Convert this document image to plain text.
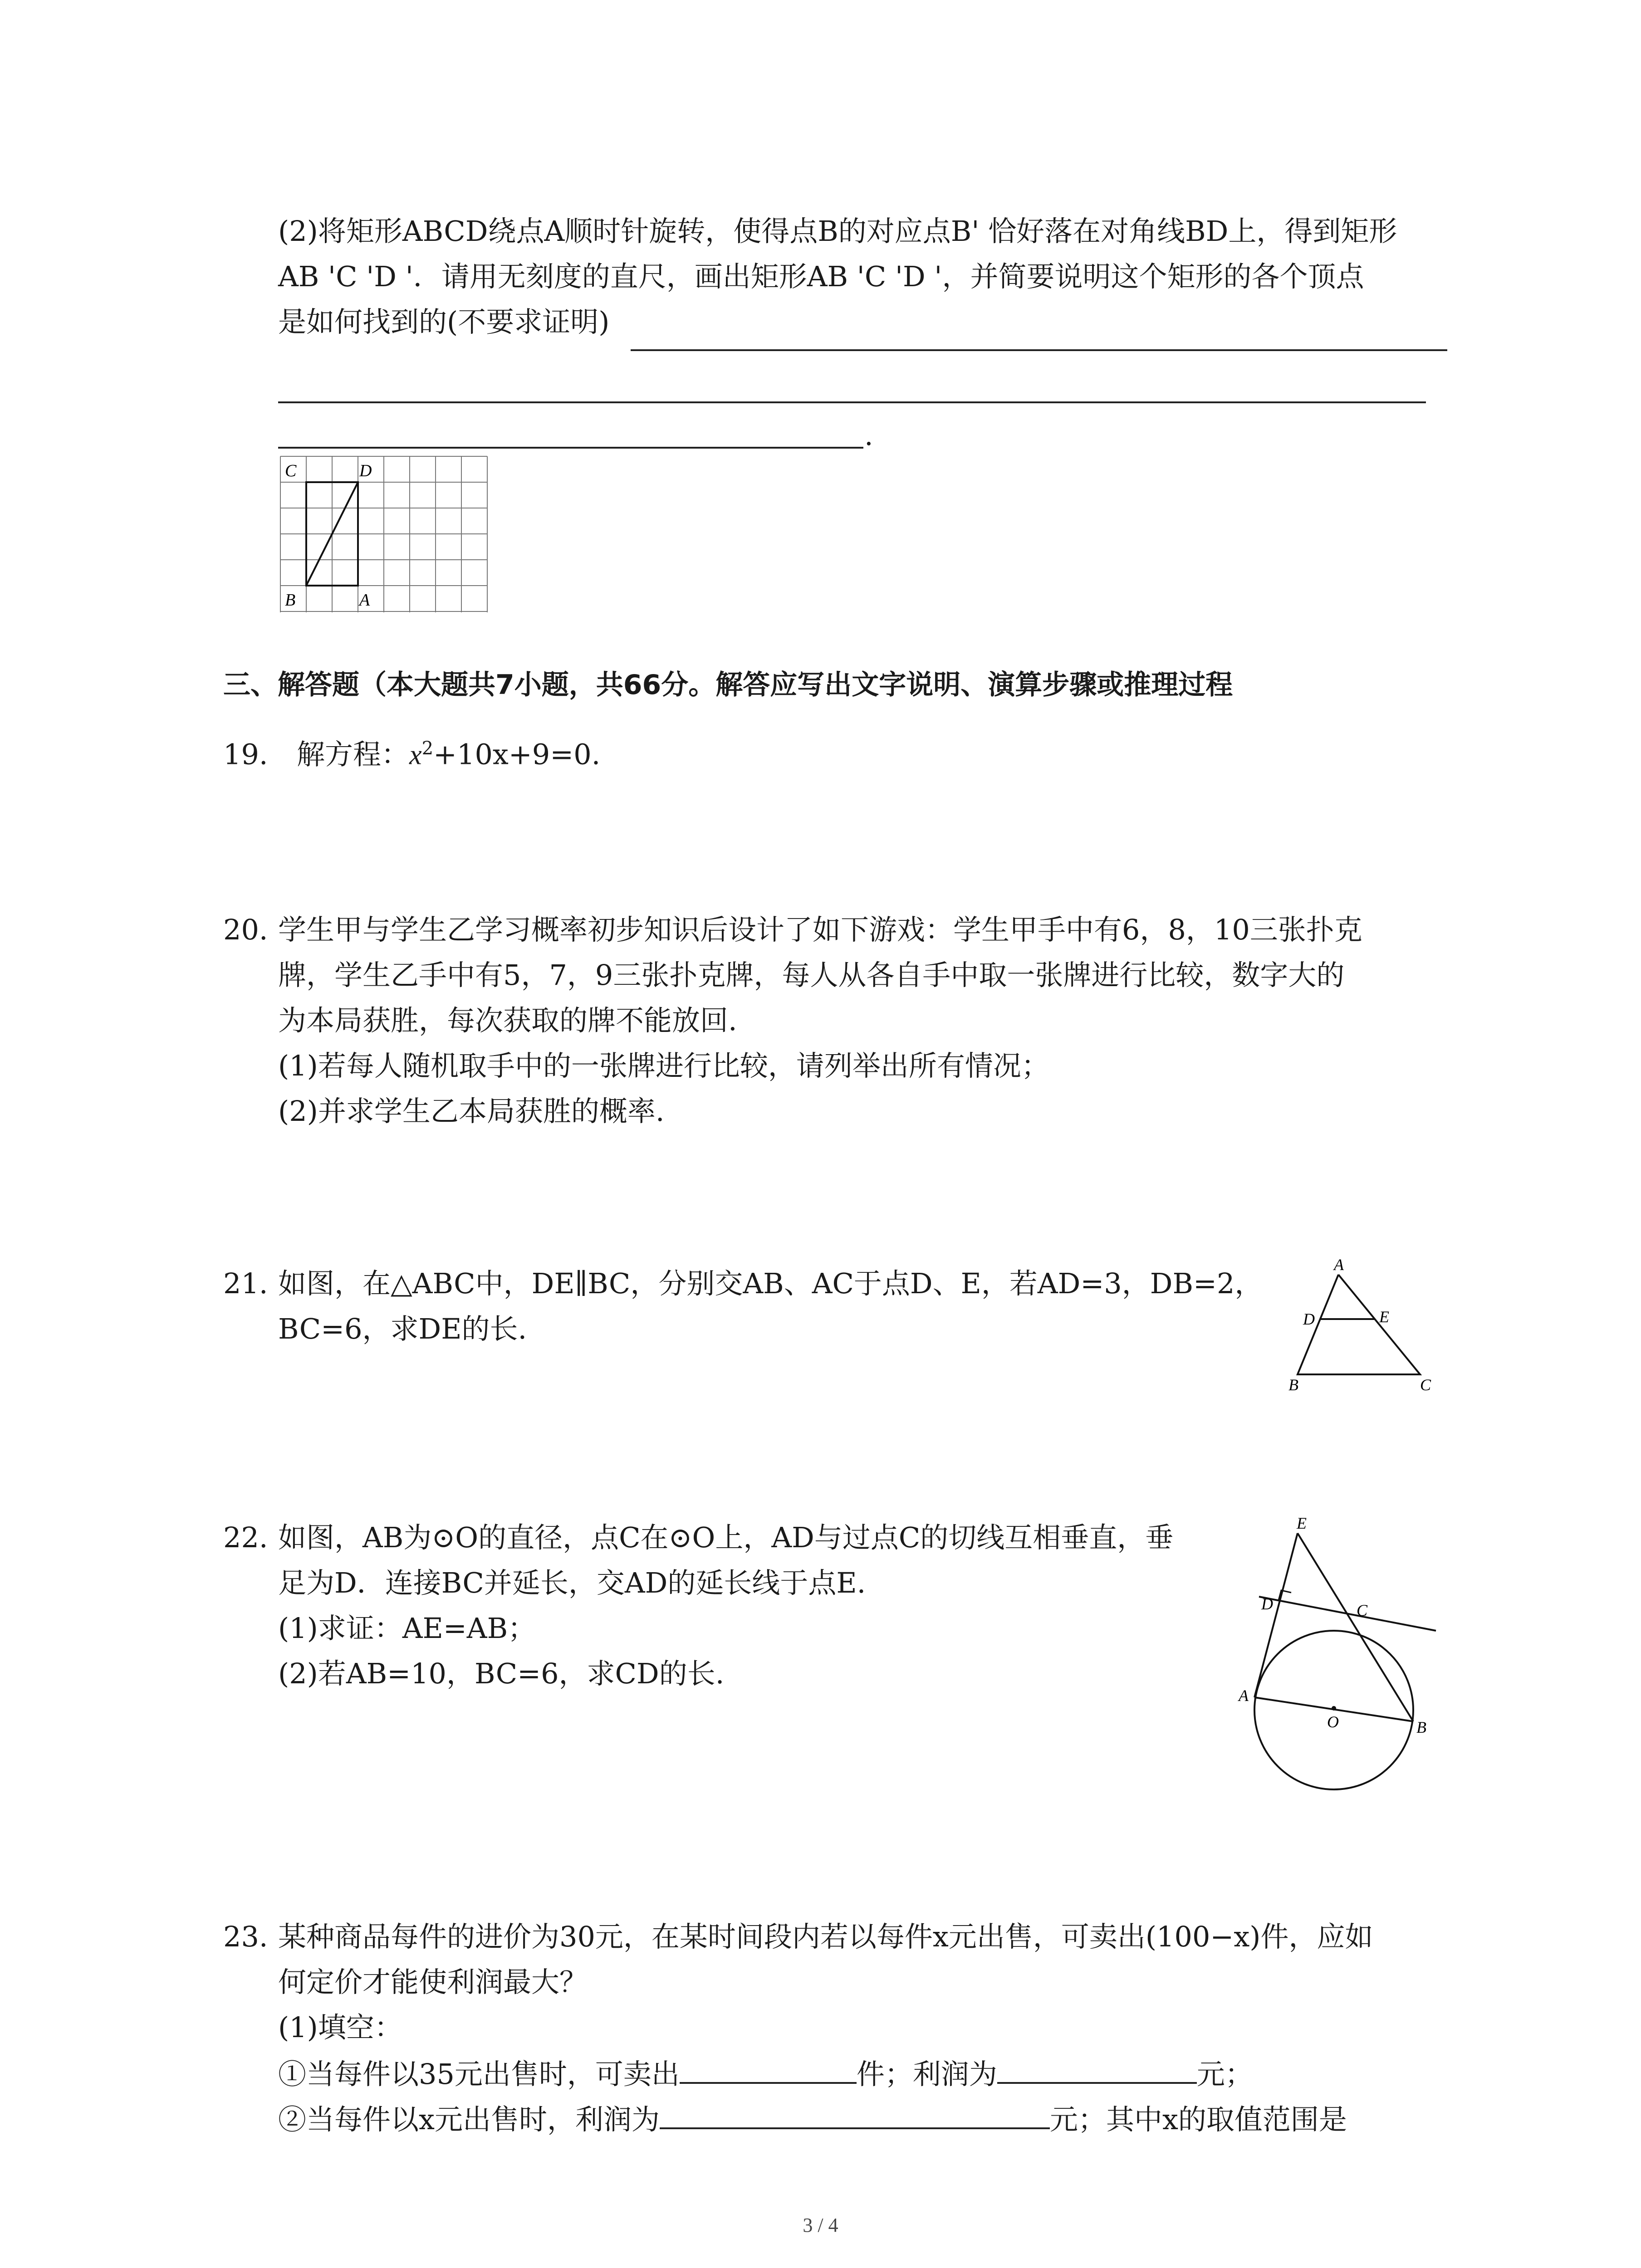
(2)将矩形ABCD绕点A顺时针旋转，使得点B的对应点B' 恰好落在对角线BD上，得到矩形
AB 'C 'D '．请用无刻度的直尺，画出矩形AB 'C 'D '，并简要说明这个矩形的各个顶点
是如何找到的(不要求证明)
.
C	D
B	A
三、解答题（本大题共7小题，共66分。解答应写出文字说明、演算步骤或推理过程
19. 解方程：$x^2+10x+9=0$.
20. 学生甲与学生乙学习概率初步知识后设计了如下游戏：学生甲手中有6，8，10三张扑克
牌，学生乙手中有5，7，9三张扑克牌，每人从各自手中取一张牌进行比较，数字大的
为本局获胜，每次获取的牌不能放回.
(1)若每人随机取手中的一张牌进行比较，请列举出所有情况；
(2)并求学生乙本局获胜的概率.
21. 如图，在△ABC中，DE∥BC，分别交AB、AC于点D、E，若AD=3，DB=2，
BC=6，求DE的长.
A
D	E
B	C
22. 如图，AB为⊙O的直径，点C在⊙O上，AD与过点C的切线互相垂直，垂
足为D．连接BC并延长，交AD的延长线于点E.
(1)求证：AE=AB；
(2)若AB=10，BC=6，求CD的长.
E
D	C
A
O	B
23. 某种商品每件的进价为30元，在某时间段内若以每件x元出售，可卖出(100−x)件，应如
何定价才能使利润最大？
(1)填空：
①当每件以35元出售时，可卖出	件；利润为	元；
②当每件以x元出售时，利润为	元；其中x的取值范围是
3 / 4
